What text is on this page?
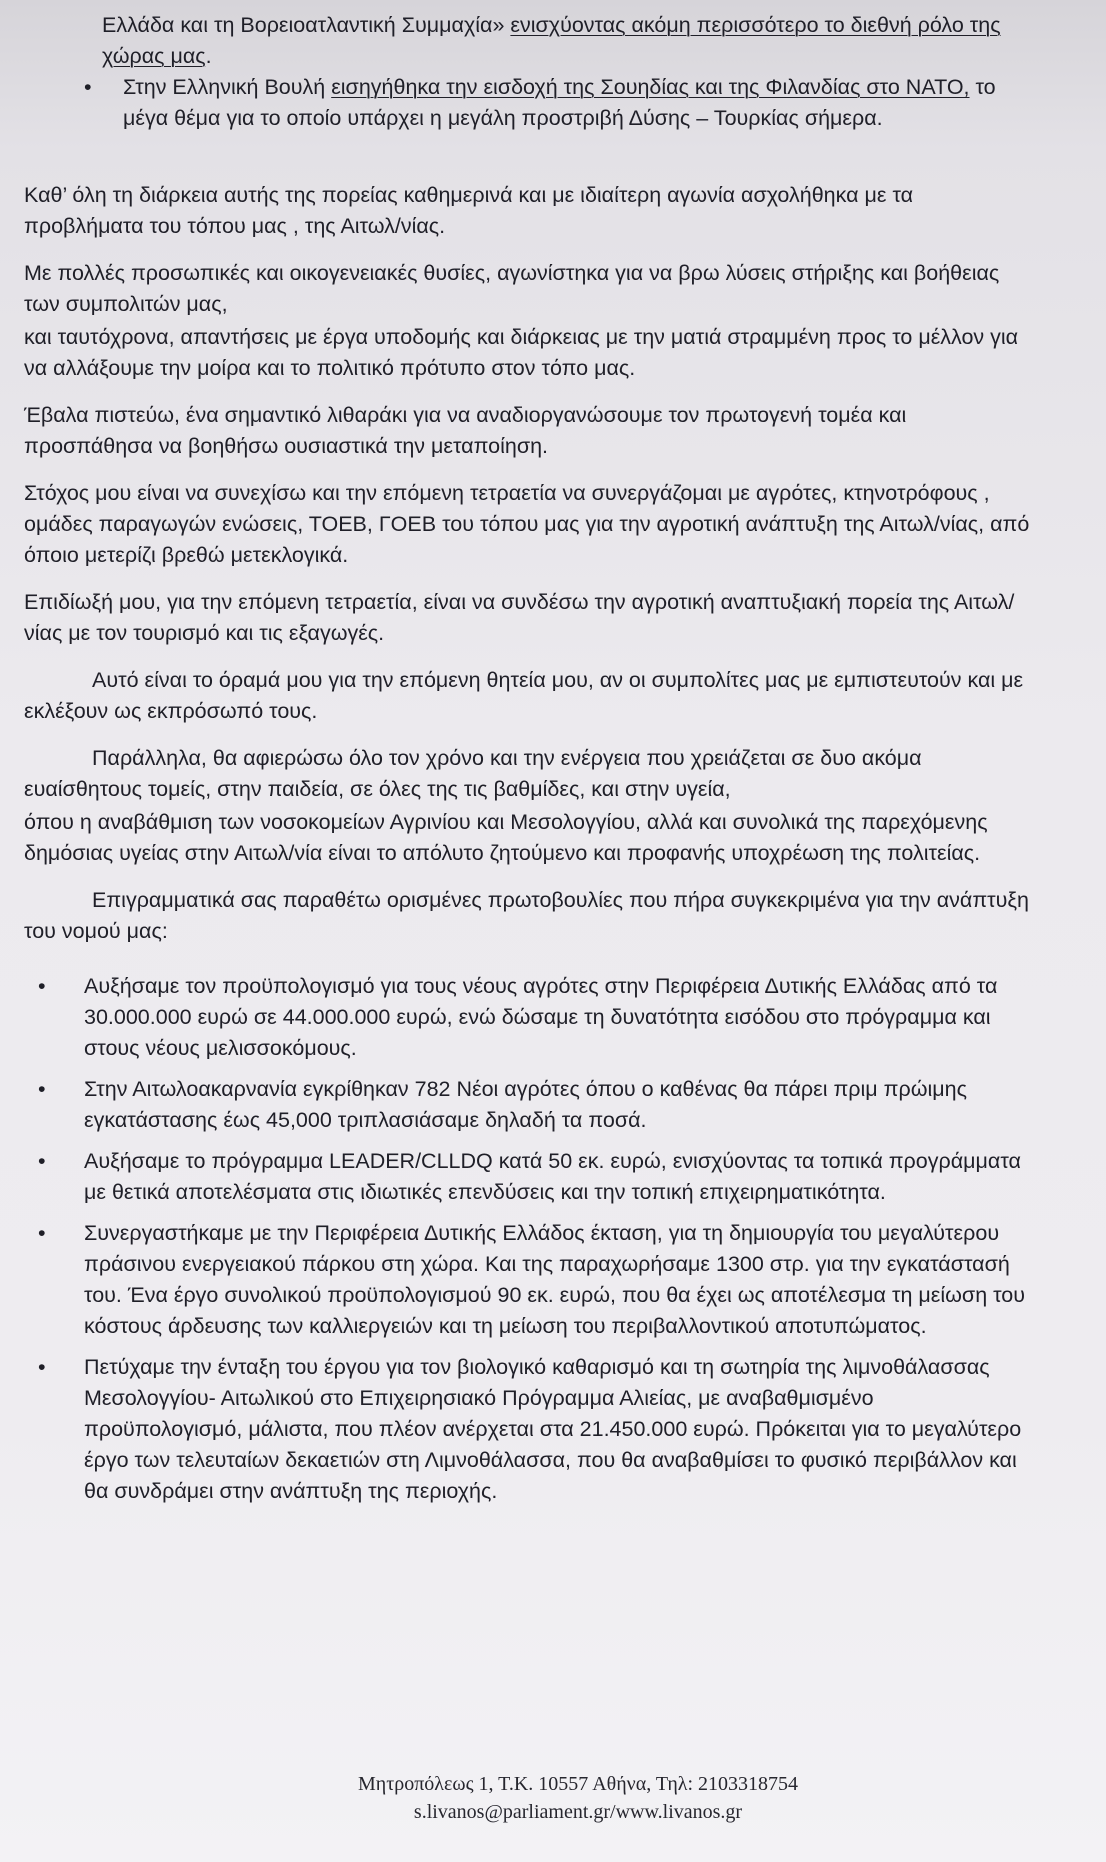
Ελλάδα και τη Βορειοατλαντική Συμμαχία» ενισχύοντας ακόμη περισσότερο το διεθνή ρόλο της χώρας μας.

• Στην Ελληνική Βουλή εισηγήθηκα την εισδοχή της Σουηδίας και της Φιλανδίας στο ΝΑΤΟ, το μέγα θέμα για το οποίο υπάρχει η μεγάλη προστριβή Δύσης – Τουρκίας σήμερα.

Καθ’ όλη τη διάρκεια αυτής της πορείας καθημερινά και με ιδιαίτερη αγωνία ασχολήθηκα με τα προβλήματα του τόπου μας , της Αιτωλ/νίας.

Με πολλές προσωπικές και οικογενειακές θυσίες, αγωνίστηκα για να βρω λύσεις στήριξης και βοήθειας των συμπολιτών μας,

και ταυτόχρονα, απαντήσεις με έργα υποδομής και διάρκειας με την ματιά στραμμένη προς το μέλλον για να αλλάξουμε την μοίρα και το πολιτικό πρότυπο στον τόπο μας.

Έβαλα πιστεύω, ένα σημαντικό λιθαράκι για να αναδιοργανώσουμε τον πρωτογενή τομέα και προσπάθησα να βοηθήσω ουσιαστικά την μεταποίηση.

Στόχος μου είναι να συνεχίσω και την επόμενη τετραετία να συνεργάζομαι με αγρότες, κτηνοτρόφους , ομάδες παραγωγών ενώσεις, ΤΟΕΒ, ΓΟΕΒ του τόπου μας για την αγροτική ανάπτυξη της Αιτωλ/νίας, από όποιο μετερίζι βρεθώ μετεκλογικά.

Επιδίωξή μου, για την επόμενη τετραετία, είναι να συνδέσω την αγροτική αναπτυξιακή πορεία της Αιτωλ/νίας με τον τουρισμό και τις εξαγωγές.

Αυτό είναι το όραμά μου για την επόμενη θητεία μου, αν οι συμπολίτες μας με εμπιστευτούν και με εκλέξουν ως εκπρόσωπό τους.

Παράλληλα, θα αφιερώσω όλο τον χρόνο και την ενέργεια που χρειάζεται σε δυο ακόμα ευαίσθητους τομείς, στην παιδεία, σε όλες της τις βαθμίδες, και στην υγεία,

όπου η αναβάθμιση των νοσοκομείων Αγρινίου και Μεσολογγίου, αλλά και συνολικά της παρεχόμενης δημόσιας υγείας στην Αιτωλ/νία είναι το απόλυτο ζητούμενο και προφανής υποχρέωση της πολιτείας.

Επιγραμματικά σας παραθέτω ορισμένες πρωτοβουλίες που πήρα συγκεκριμένα για την ανάπτυξη του νομού μας:

• Αυξήσαμε τον προϋπολογισμό για τους νέους αγρότες στην Περιφέρεια Δυτικής Ελλάδας από τα 30.000.000 ευρώ σε 44.000.000 ευρώ, ενώ δώσαμε τη δυνατότητα εισόδου στο πρόγραμμα και στους νέους μελισσοκόμους.

• Στην Αιτωλοακαρνανία εγκρίθηκαν 782 Νέοι αγρότες όπου ο καθένας θα πάρει πριμ πρώιμης εγκατάστασης έως 45,000 τριπλασιάσαμε δηλαδή τα ποσά.

• Αυξήσαμε το πρόγραμμα LEADER/CLLDQ κατά 50 εκ. ευρώ, ενισχύοντας τα τοπικά προγράμματα με θετικά αποτελέσματα στις ιδιωτικές επενδύσεις και την τοπική επιχειρηματικότητα.

• Συνεργαστήκαμε με την Περιφέρεια Δυτικής Ελλάδος έκταση, για τη δημιουργία του μεγαλύτερου πράσινου ενεργειακού πάρκου στη χώρα. Και της παραχωρήσαμε 1300 στρ. για την εγκατάστασή του. Ένα έργο συνολικού προϋπολογισμού 90 εκ. ευρώ, που θα έχει ως αποτέλεσμα τη μείωση του κόστους άρδευσης των καλλιεργειών και τη μείωση του περιβαλλοντικού αποτυπώματος.

• Πετύχαμε την ένταξη του έργου για τον βιολογικό καθαρισμό και τη σωτηρία της λιμνοθάλασσας Μεσολογγίου- Αιτωλικού στο Επιχειρησιακό Πρόγραμμα Αλιείας, με αναβαθμισμένο προϋπολογισμό, μάλιστα, που πλέον ανέρχεται στα 21.450.000 ευρώ. Πρόκειται για το μεγαλύτερο έργο των τελευταίων δεκαετιών στη Λιμνοθάλασσα, που θα αναβαθμίσει το φυσικό περιβάλλον και θα συνδράμει στην ανάπτυξη της περιοχής.

Μητροπόλεως 1, Τ.Κ. 10557 Αθήνα, Τηλ: 2103318754
s.livanos@parliament.gr/www.livanos.gr
